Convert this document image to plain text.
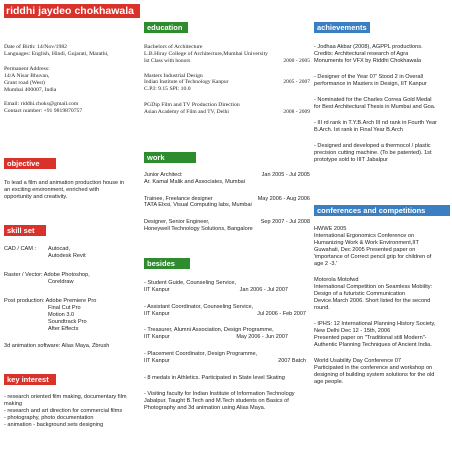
riddhi jaydeo chokhawala
Date of Birth: 14/Nov/1982
Languages: English, Hindi, Gujarati, Marathi,
Permanent Address:
14/A Nisar Bhuvan,
Grant road (West)
Mumbai 400007, India
Email: riddhi.choks@gmail.com
Contact number: +91 9819870757
objective
To lead a film and animation production house in
an exciting environment, enriched with
opportunity and creativity.
skill set
CAD / CAM :	Autocad,
Autodesk Revit
Raster / Vector: Adobe Photoshop,
Coreldraw
Post production: Adobe Premiere Pro
Final Cut Pro
Motion 3.0
Soundtrack Pro
After Effects
3d animation software: Alias Maya, Zbrush
key interest
- research oriented film making, documentary film
making
- research and art direction for commercial films
- photography, photo documentation
- animation - background sets designing
education
Bachelors of Architecture
L.B.Hiray College of Architecture,Mumbai University
Ist Class with honors	2000 - 2005
Masters Industrial Design
Indian Institute of Technology Kanpur	2005 - 2007
C.P.I: 9.15 SPI: 10.0
PGDip Film and TV Production Direction
Asian Academy of Film and TV, Delhi	2008 - 2009
work experience
Junior Architect	Jan 2005 - Jul 2005
Ar. Kamal Malik and Associates, Mumbai
Trainee, Freelance designer	May 2006 - Aug 2006
TATA Elxsi, Visual Computing labs, Mumbai
Designer, Senior Engineer,	Sep 2007 - Jul 2008
Honeywell Technology Solutions, Bangalore
besides work
- Student Guide, Counseling Service,
IIT Kanpur	Jan 2006 - Jul 2007
- Assistant Coordinator, Counseling Service,
IIT Kanpur	Jul 2006 - Feb 2007
- Treasurer, Alumni Association, Design Programme,
IIT Kanpur	May 2006 - Jun 2007
- Placement Coordinator, Design Programme,
IIT Kanpur	2007 Batch
- 8 medals in Athletics. Participated in State level Skating
- Visiting faculty for Indian Institute of Information Technology
Jabalpur. Taught B.Tech and M.Tech students on Basics of
Photography and 3d animation using Alias Maya.
achievements
- Jodhaa Akbar (2008), AGPPL productions.
Credits: Architectural research of Agra
Monuments for VFX by Riddhi Chokhawala
- Designer of the Year 07' Stood 2 in Overall
performance in Masters in Design, IIT Kanpur
- Nominated for the Charles Correa Gold Medal
for Best Architectural Thesis in Mumbai and Goa.
- III rd rank in T.Y.B.Arch III nd rank in Fourth Year
B.Arch. Ist rank in Final Year B.Arch
- Designed and developed a thermocol / plastic
precision cutting machine. (To be patented). 1st
prototype sold to IIIT Jabalpur
conferences and competitions
HWWE 2005
International Ergonomics Conference on
Humanizing Work & Work Environment,IIT
Guwahati, Dec 2005 Presented paper on
'importance of Correct pencil grip for children of
age 2 -3.'
Motorola Motofwd
International Competition on Seamless Mobility:
Design of a futuristic Communication
Device.March 2006. Short listed for the second
round.
- IPHS: 12 International Planning History Society,
New Delhi Dec 12 - 15th, 2006
Presented paper on "Traditional still Modern"-
Authentic Planning Techniques of Ancient India.
World Usability Day Conference 07
Participated in the conference and workshop on
designing of building system solutions for the old
age people.
